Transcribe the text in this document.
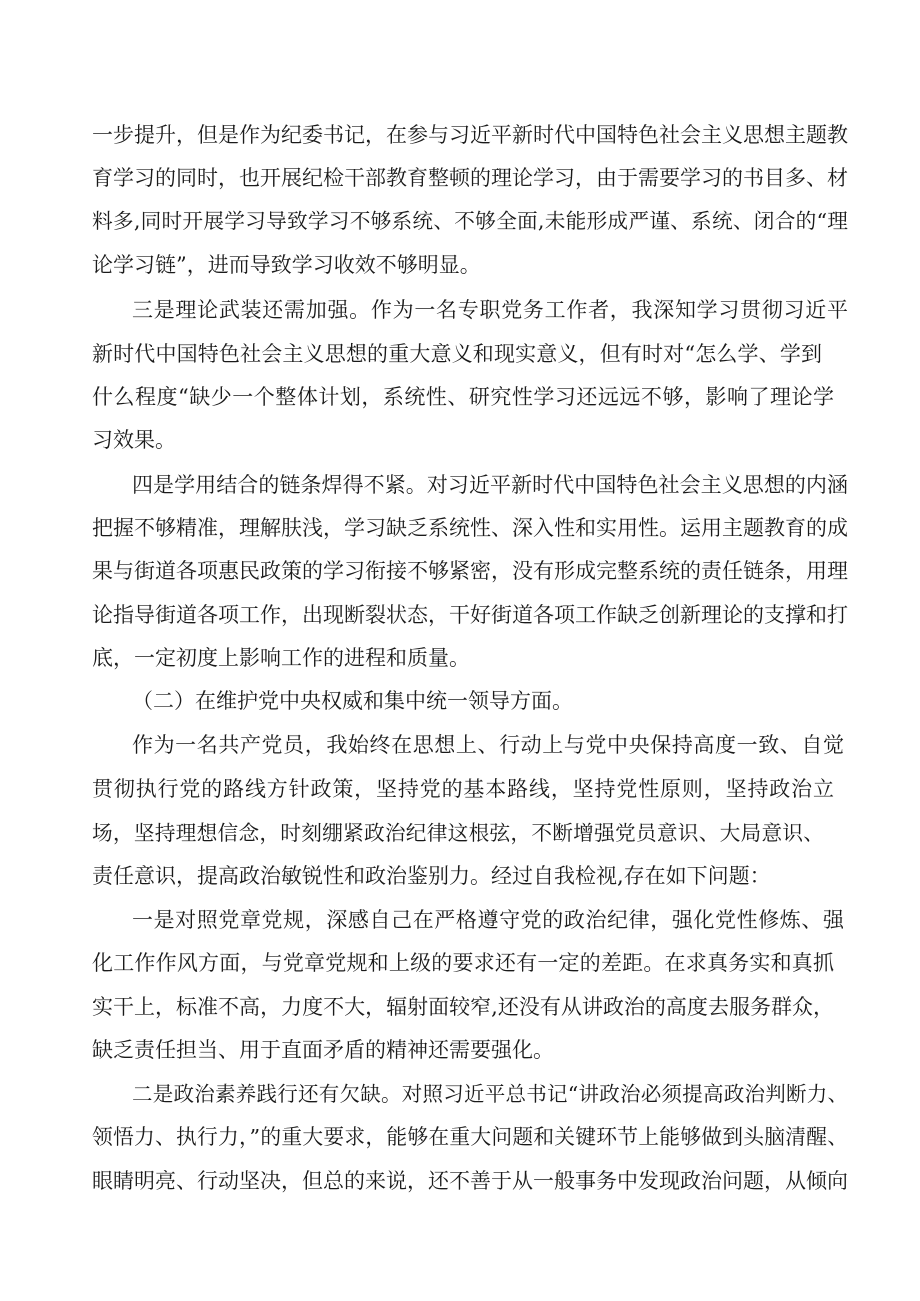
一步提升，但是作为纪委书记，在参与习近平新时代中国特色社会主义思想主题教
育学习的同时，也开展纪检干部教育整顿的理论学习，由于需要学习的书目多、材
料多,同时开展学习导致学习不够系统、不够全面,未能形成严谨、系统、闭合的“理
论学习链”，进而导致学习收效不够明显。
三是理论武装还需加强。作为一名专职党务工作者，我深知学习贯彻习近平
新时代中国特色社会主义思想的重大意义和现实意义，但有时对“怎么学、学到
什么程度“缺少一个整体计划，系统性、研究性学习还远远不够，影响了理论学
习效果。
四是学用结合的链条焊得不紧。对习近平新时代中国特色社会主义思想的内涵
把握不够精准，理解肤浅，学习缺乏系统性、深入性和实用性。运用主题教育的成
果与街道各项惠民政策的学习衔接不够紧密，没有形成完整系统的责任链条，用理
论指导街道各项工作，出现断裂状态，干好街道各项工作缺乏创新理论的支撑和打
底，一定初度上影响工作的进程和质量。
（二）在维护党中央权威和集中统一领导方面。
作为一名共产党员，我始终在思想上、行动上与党中央保持高度一致、自觉
贯彻执行党的路线方针政策，坚持党的基本路线，坚持党性原则，坚持政治立
场，坚持理想信念，时刻绷紧政治纪律这根弦，不断增强党员意识、大局意识、
责任意识，提高政治敏锐性和政治鉴别力。经过自我检视,存在如下问题：
一是对照党章党规，深感自己在严格遵守党的政治纪律，强化党性修炼、强
化工作作风方面，与党章党规和上级的要求还有一定的差距。在求真务实和真抓
实干上，标准不高，力度不大，辐射面较窄,还没有从讲政治的高度去服务群众，
缺乏责任担当、用于直面矛盾的精神还需要强化。
二是政治素养践行还有欠缺。对照习近平总书记“讲政治必须提高政治判断力、
领悟力、执行力，”的重大要求，能够在重大问题和关键环节上能够做到头脑清醒、
眼睛明亮、行动坚决，但总的来说，还不善于从一般事务中发现政治问题，从倾向
